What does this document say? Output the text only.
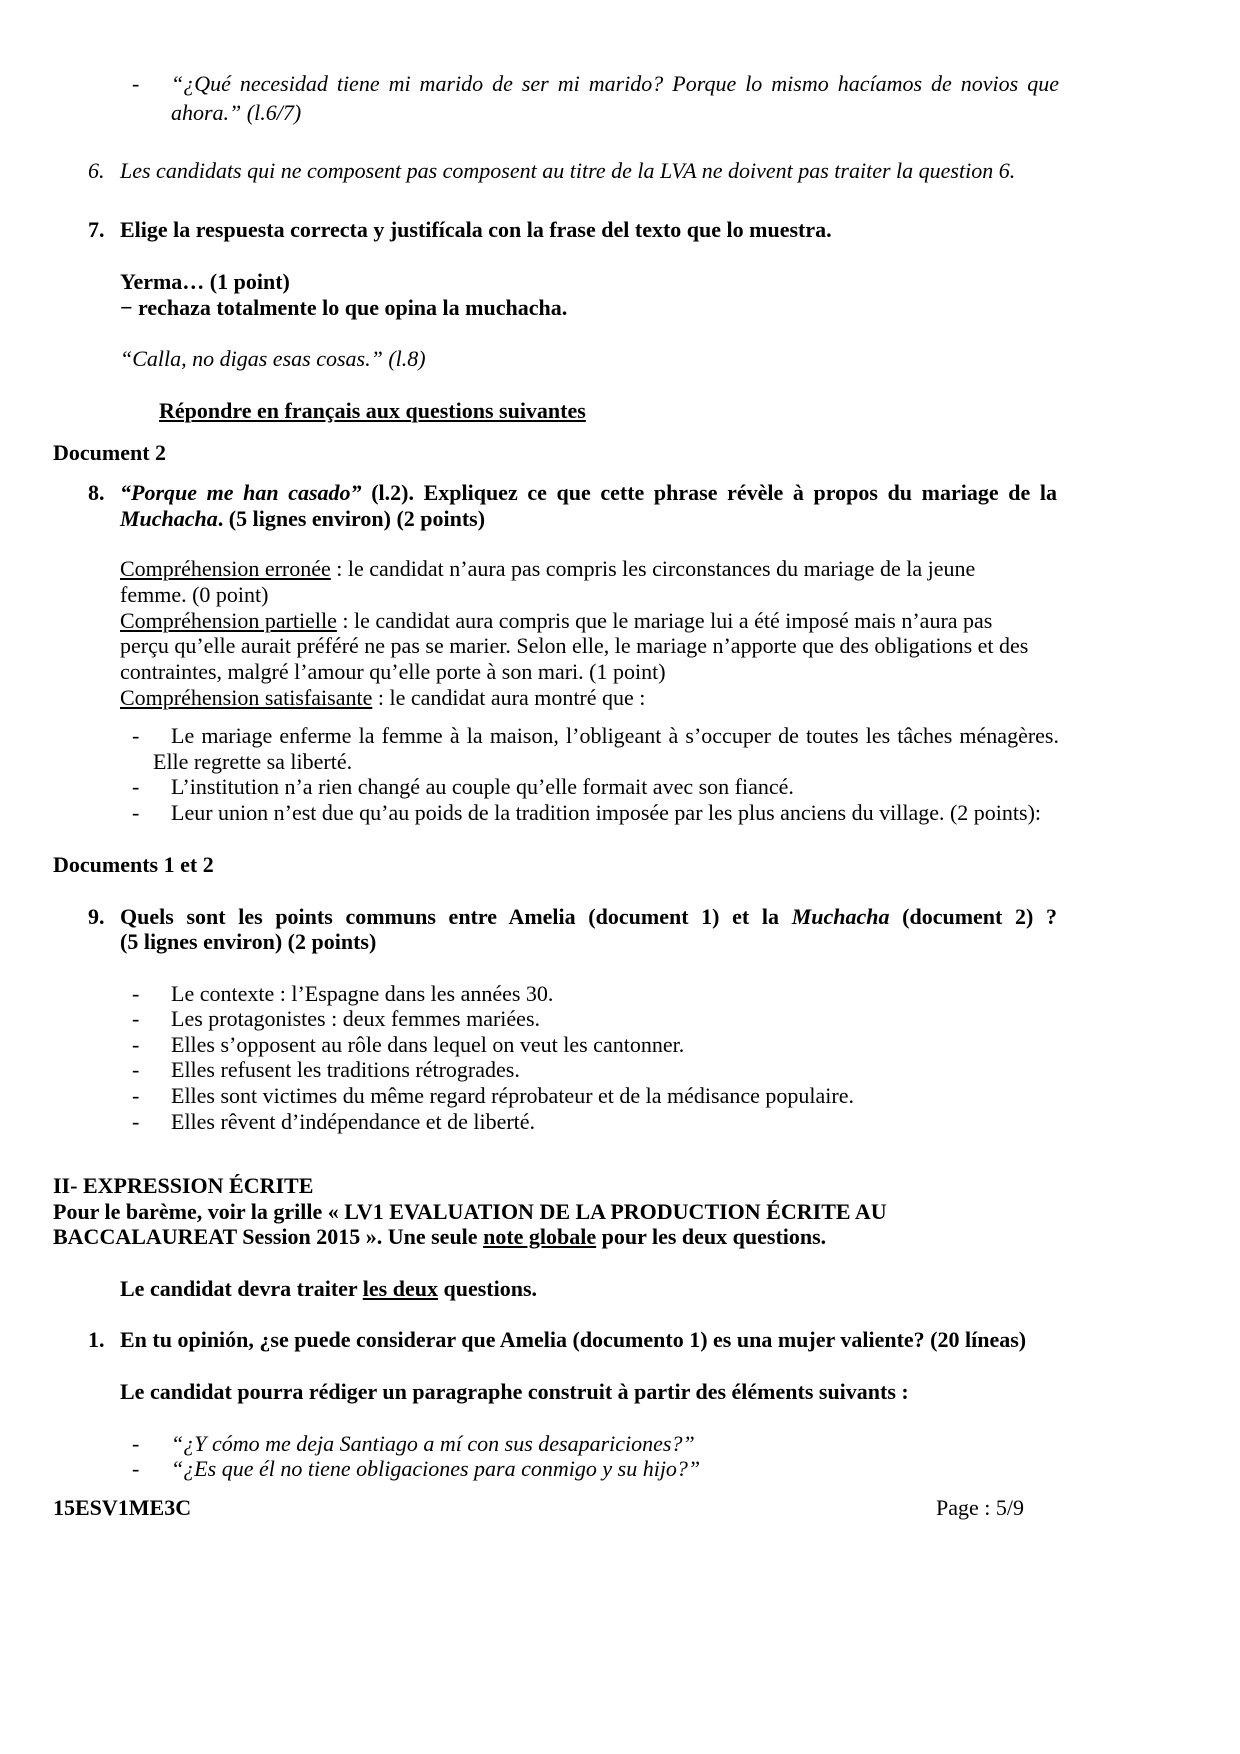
- “¿Qué necesidad tiene mi marido de ser mi marido? Porque lo mismo hacíamos de novios que
ahora.” (l.6/7)
6. Les candidats qui ne composent pas composent au titre de la LVA ne doivent pas traiter la question 6.
7. Elige la respuesta correcta y justifícala con la frase del texto que lo muestra.
Yerma… (1 point)
− rechaza totalmente lo que opina la muchacha.
“Calla, no digas esas cosas.” (l.8)
Répondre en français aux questions suivantes
Document 2
8. “Porque me han casado” (l.2). Expliquez ce que cette phrase révèle à propos du mariage de la
Muchacha. (5 lignes environ) (2 points)
Compréhension erronée : le candidat n’aura pas compris les circonstances du mariage de la jeune
femme. (0 point)
Compréhension partielle : le candidat aura compris que le mariage lui a été imposé mais n’aura pas
perçu qu’elle aurait préféré ne pas se marier. Selon elle, le mariage n’apporte que des obligations et des
contraintes, malgré l’amour qu’elle porte à son mari. (1 point)
Compréhension satisfaisante : le candidat aura montré que :
- Le mariage enferme la femme à la maison, l’obligeant à s’occuper de toutes les tâches ménagères.
Elle regrette sa liberté.
- L’institution n’a rien changé au couple qu’elle formait avec son fiancé.
- Leur union n’est due qu’au poids de la tradition imposée par les plus anciens du village. (2 points):
Documents 1 et 2
9. Quels sont les points communs entre Amelia (document 1) et la Muchacha (document 2) ?
(5 lignes environ) (2 points)
- Le contexte : l’Espagne dans les années 30.
- Les protagonistes : deux femmes mariées.
- Elles s’opposent au rôle dans lequel on veut les cantonner.
- Elles refusent les traditions rétrogrades.
- Elles sont victimes du même regard réprobateur et de la médisance populaire.
- Elles rêvent d’indépendance et de liberté.
II- EXPRESSION ÉCRITE
Pour le barème, voir la grille « LV1 EVALUATION DE LA PRODUCTION ÉCRITE AU
BACCALAUREAT Session 2015 ». Une seule note globale pour les deux questions.
Le candidat devra traiter les deux questions.
1. En tu opinión, ¿se puede considerar que Amelia (documento 1) es una mujer valiente? (20 líneas)
Le candidat pourra rédiger un paragraphe construit à partir des éléments suivants :
- “¿Y cómo me deja Santiago a mí con sus desapariciones?”
- “¿Es que él no tiene obligaciones para conmigo y su hijo?”
15ESV1ME3C	Page : 5/9
